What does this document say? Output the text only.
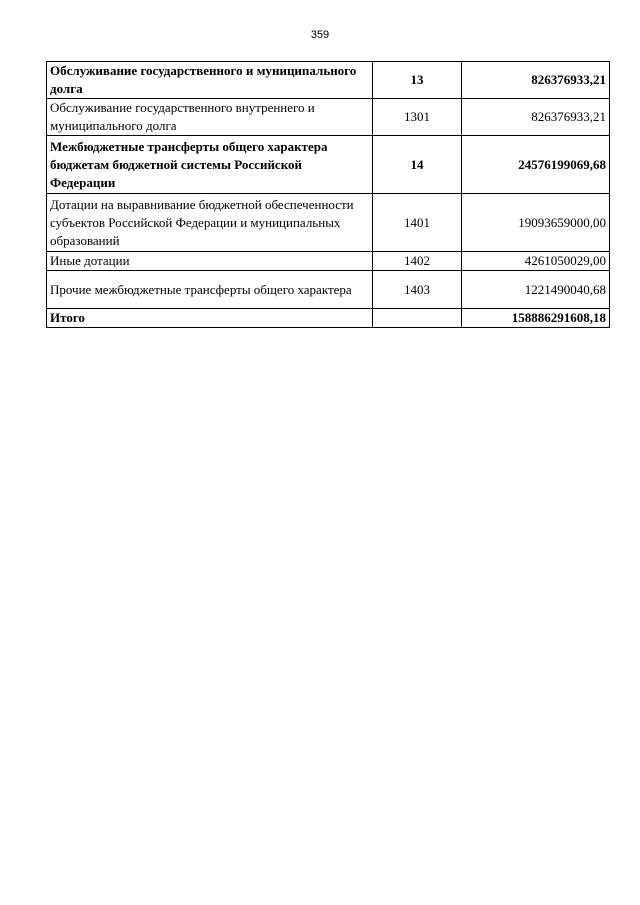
359
Обслуживание государственного и муниципального долга	13	826376933,21
Обслуживание государственного внутреннего и муниципального долга	1301	826376933,21
Межбюджетные трансферты общего характера бюджетам бюджетной системы Российской Федерации	14	24576199069,68
Дотации на выравнивание бюджетной обеспеченности субъектов Российской Федерации и муниципальных образований	1401	19093659000,00
Иные дотации	1402	4261050029,00
Прочие межбюджетные трансферты общего характера	1403	1221490040,68
Итого		158886291608,18
